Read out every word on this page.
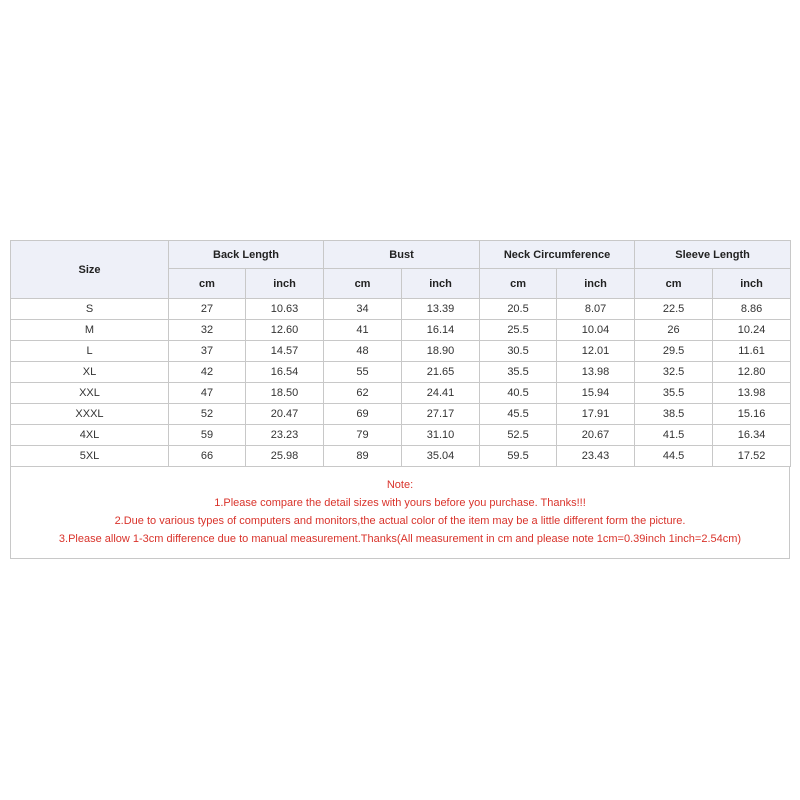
Size	Back Length		Bust		Neck Circumference		Sleeve Length	
	cm	inch	cm	inch	cm	inch	cm	inch
S	27	10.63	34	13.39	20.5	8.07	22.5	8.86
M	32	12.60	41	16.14	25.5	10.04	26	10.24
L	37	14.57	48	18.90	30.5	12.01	29.5	11.61
XL	42	16.54	55	21.65	35.5	13.98	32.5	12.80
XXL	47	18.50	62	24.41	40.5	15.94	35.5	13.98
XXXL	52	20.47	69	27.17	45.5	17.91	38.5	15.16
4XL	59	23.23	79	31.10	52.5	20.67	41.5	16.34
5XL	66	25.98	89	35.04	59.5	23.43	44.5	17.52
Note:
1.Please compare the detail sizes with yours before you purchase. Thanks!!!
2.Due to various types of computers and monitors,the actual color of the item may be a little different form the picture.
3.Please allow 1-3cm difference due to manual measurement.Thanks(All measurement in cm and please note 1cm=0.39inch 1inch=2.54cm)
